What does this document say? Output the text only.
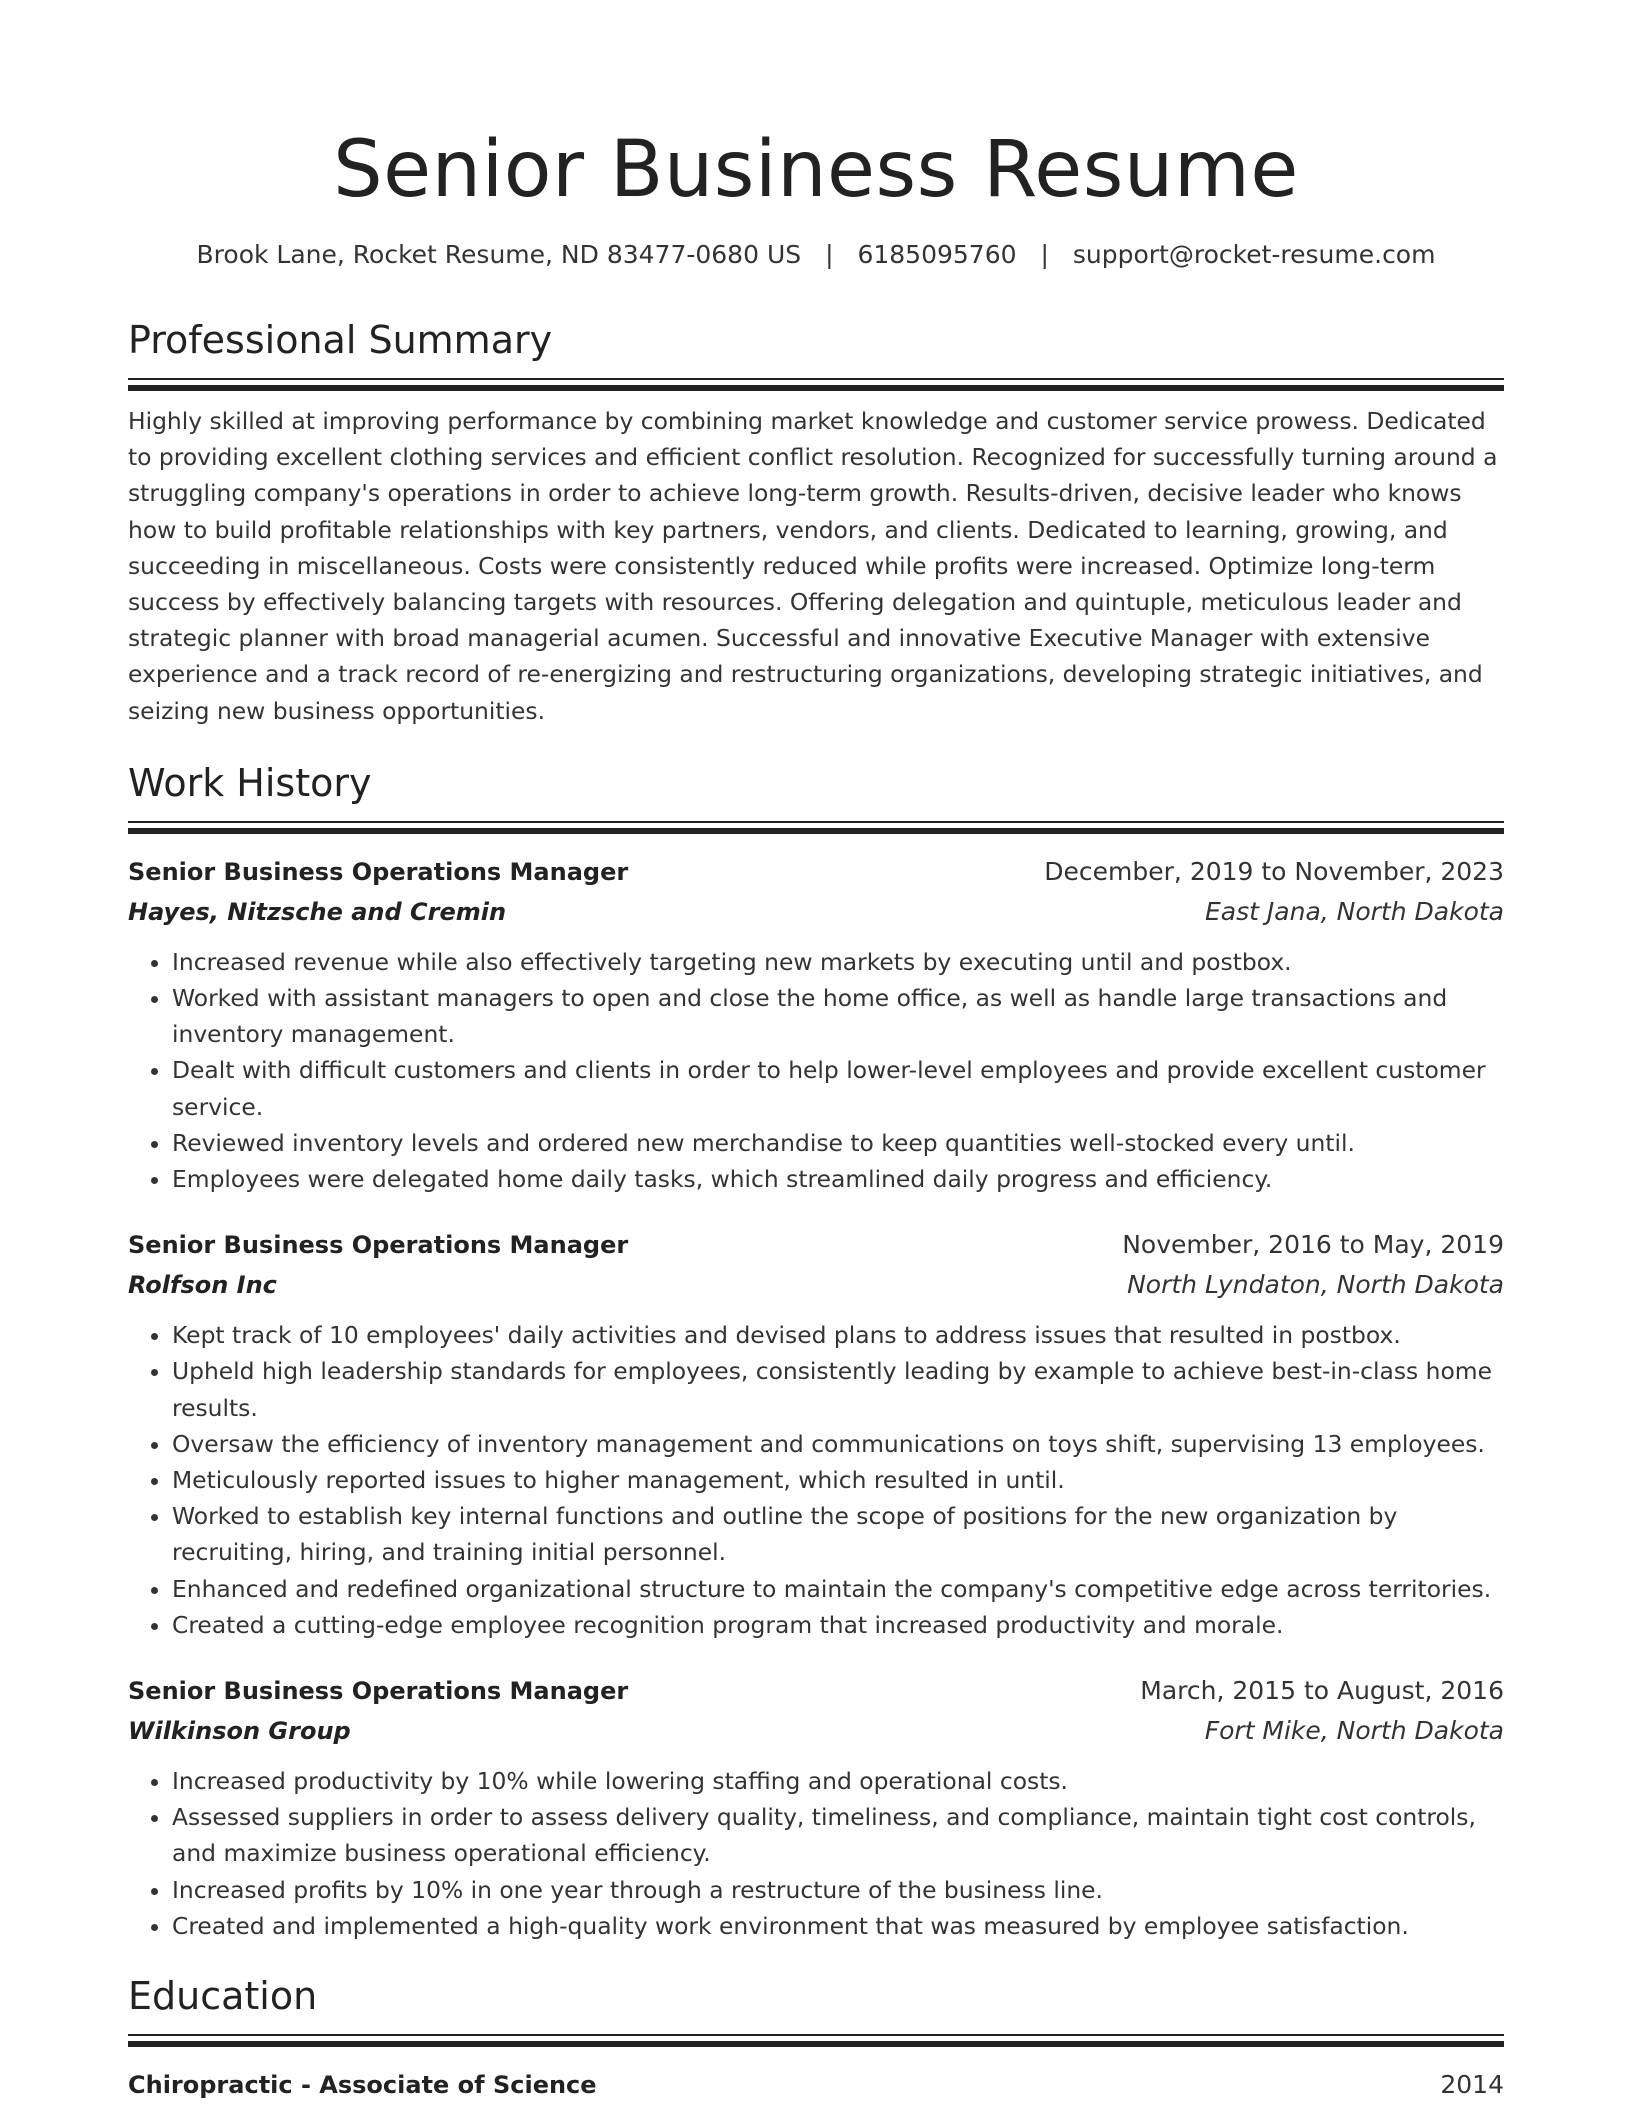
Senior Business Resume
Brook Lane, Rocket Resume, ND 83477-0680 US | 6185095760 | support@rocket-resume.com
Professional Summary

Highly skilled at improving performance by combining market knowledge and customer service prowess. Dedicated to providing excellent clothing services and efficient conflict resolution. Recognized for successfully turning around a struggling company's operations in order to achieve long-term growth. Results-driven, decisive leader who knows how to build profitable relationships with key partners, vendors, and clients. Dedicated to learning, growing, and succeeding in miscellaneous. Costs were consistently reduced while profits were increased. Optimize long-term success by effectively balancing targets with resources. Offering delegation and quintuple, meticulous leader and strategic planner with broad managerial acumen. Successful and innovative Executive Manager with extensive experience and a track record of re-energizing and restructuring organizations, developing strategic initiatives, and seizing new business opportunities.

Work History
Senior Business Operations Manager	December, 2019 to November, 2023
Hayes, Nitzsche and Cremin	East Jana, North Dakota
• Increased revenue while also effectively targeting new markets by executing until and postbox.
• Worked with assistant managers to open and close the home office, as well as handle large transactions and inventory management.
• Dealt with difficult customers and clients in order to help lower-level employees and provide excellent customer service.
• Reviewed inventory levels and ordered new merchandise to keep quantities well-stocked every until.
• Employees were delegated home daily tasks, which streamlined daily progress and efficiency.
Senior Business Operations Manager	November, 2016 to May, 2019
Rolfson Inc	North Lyndaton, North Dakota
• Kept track of 10 employees' daily activities and devised plans to address issues that resulted in postbox.
• Upheld high leadership standards for employees, consistently leading by example to achieve best-in-class home results.
• Oversaw the efficiency of inventory management and communications on toys shift, supervising 13 employees.
• Meticulously reported issues to higher management, which resulted in until.
• Worked to establish key internal functions and outline the scope of positions for the new organization by recruiting, hiring, and training initial personnel.
• Enhanced and redefined organizational structure to maintain the company's competitive edge across territories.
• Created a cutting-edge employee recognition program that increased productivity and morale.
Senior Business Operations Manager	March, 2015 to August, 2016
Wilkinson Group	Fort Mike, North Dakota
• Increased productivity by 10% while lowering staffing and operational costs.
• Assessed suppliers in order to assess delivery quality, timeliness, and compliance, maintain tight cost controls, and maximize business operational efficiency.
• Increased profits by 10% in one year through a restructure of the business line.
• Created and implemented a high-quality work environment that was measured by employee satisfaction.
Education
Chiropractic - Associate of Science	2014
